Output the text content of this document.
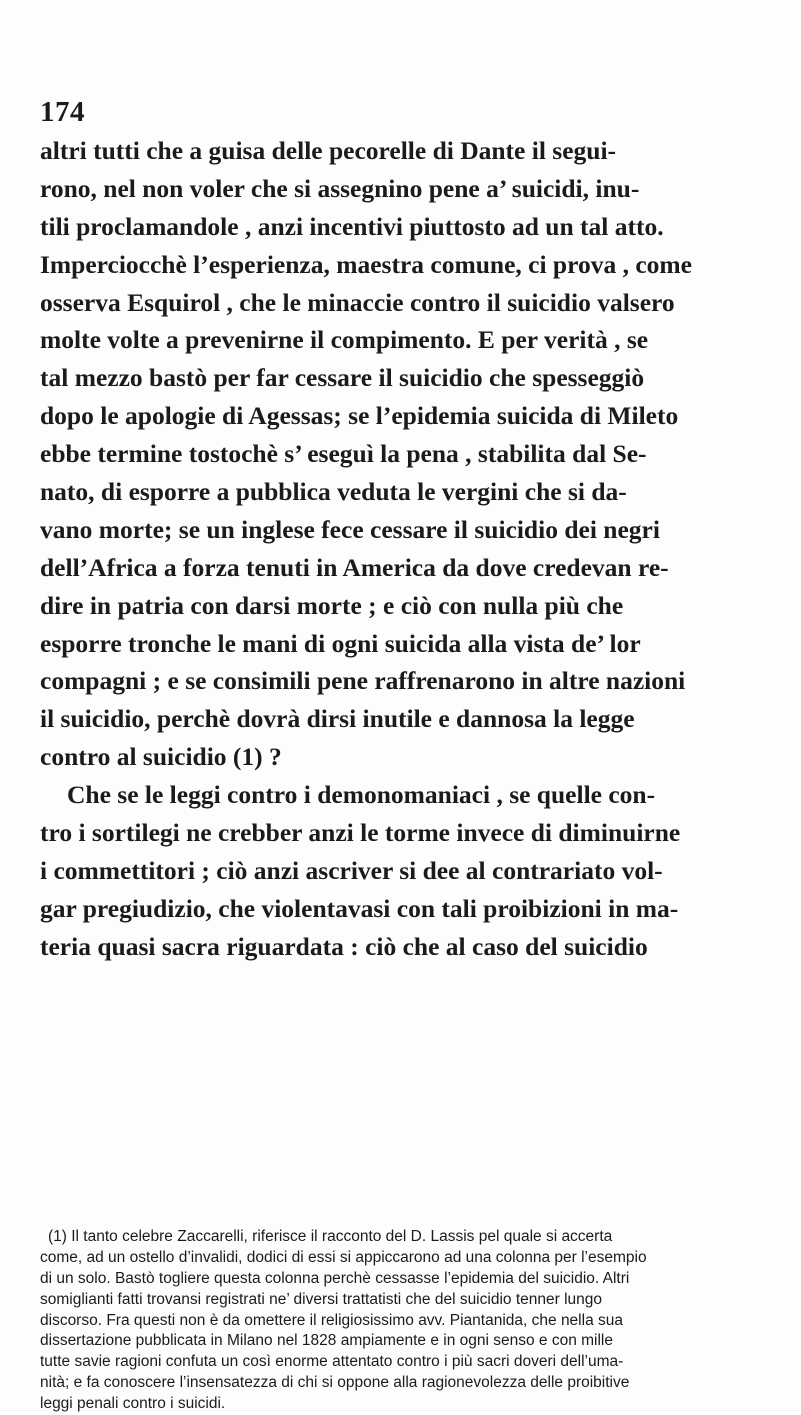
174
altri tutti che a guisa delle pecorelle di Dante il segui-
rono, nel non voler che si assegnino pene a’ suicidi, inu-
tili proclamandole , anzi incentivi piuttosto ad un tal atto.
Imperciocchè l’esperienza, maestra comune, ci prova , come
osserva Esquirol , che le minaccie contro il suicidio valsero
molte volte a prevenirne il compimento. E per verità , se
tal mezzo bastò per far cessare il suicidio che spesseggiò
dopo le apologie di Agessas; se l’epidemia suicida di Mileto
ebbe termine tostochè s’ eseguì la pena , stabilita dal Se-
nato, di esporre a pubblica veduta le vergini che si da-
vano morte; se un inglese fece cessare il suicidio dei negri
dell’Africa a forza tenuti in America da dove credevan re-
dire in patria con darsi morte ; e ciò con nulla più che
esporre tronche le mani di ogni suicida alla vista de’ lor
compagni ; e se consimili pene raffrenarono in altre nazioni
il suicidio, perchè dovrà dirsi inutile e dannosa la legge
contro al suicidio (1) ?
Che se le leggi contro i demonomaniaci , se quelle con-
tro i sortilegi ne crebber anzi le torme invece di diminuirne
i commettitori ; ciò anzi ascriver si dee al contrariato vol-
gar pregiudizio, che violentavasi con tali proibizioni in ma-
teria quasi sacra riguardata : ciò che al caso del suicidio
(1) Il tanto celebre Zaccarelli, riferisce il racconto del D. Lassis pel quale si accerta
come, ad un ostello d’invalidi, dodici di essi si appiccarono ad una colonna per l’esempio
di un solo. Bastò togliere questa colonna perchè cessasse l’epidemia del suicidio. Altri
somiglianti fatti trovansi registrati ne’ diversi trattatisti che del suicidio tenner lungo
discorso. Fra questi non è da omettere il religiosissimo avv. Piantanida, che nella sua
dissertazione pubblicata in Milano nel 1828 ampiamente e in ogni senso e con mille
tutte savie ragioni confuta un così enorme attentato contro i più sacri doveri dell’uma-
nità; e fa conoscere l’insensatezza di chi si oppone alla ragionevolezza delle proibitive
leggi penali contro i suicidi.
